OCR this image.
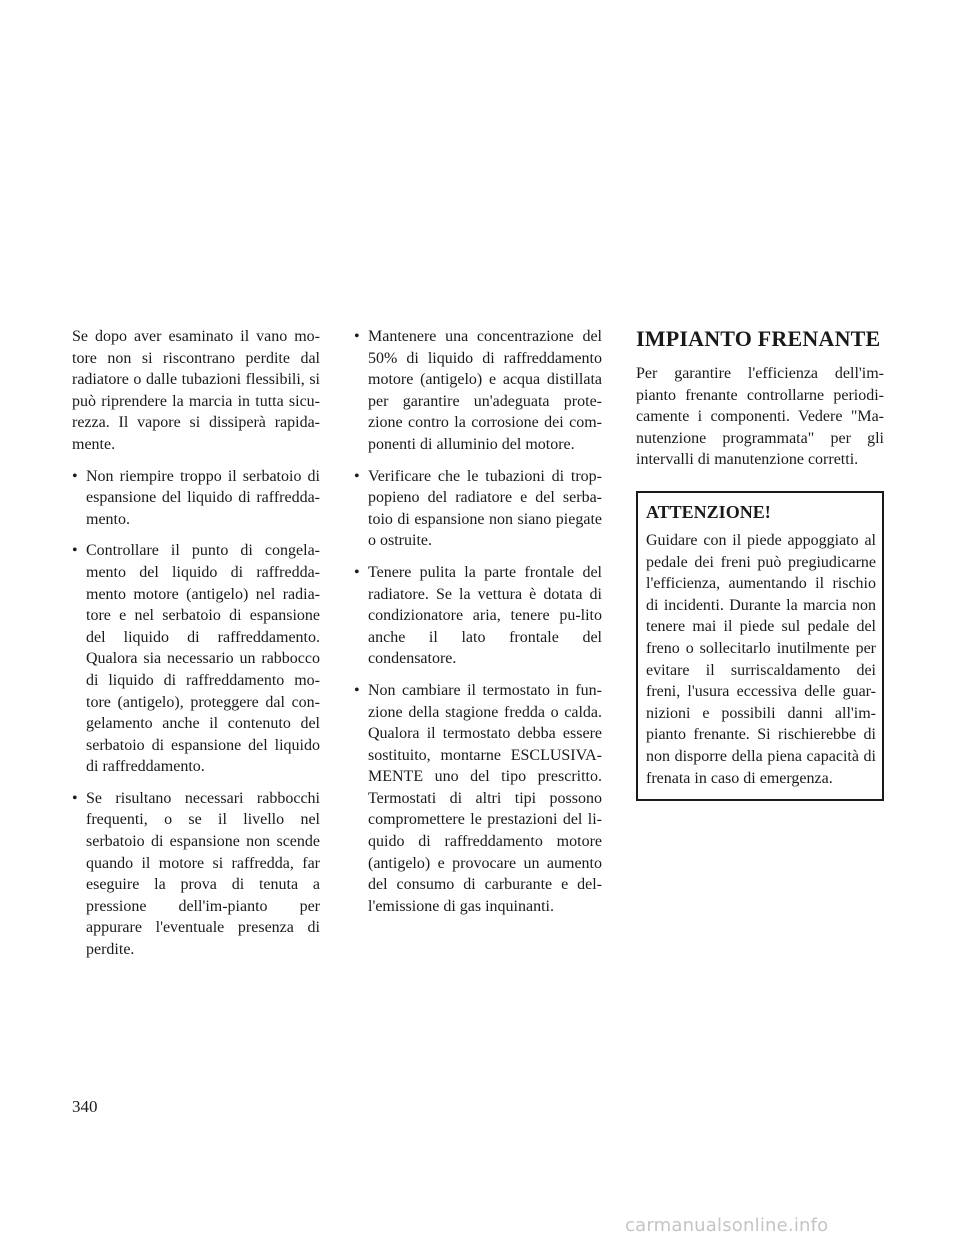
Se dopo aver esaminato il vano mo-tore non si riscontrano perdite dal radiatore o dalle tubazioni flessibili, si può riprendere la marcia in tutta sicu-rezza. Il vapore si dissiperà rapida-mente.

• Non riempire troppo il serbatoio di espansione del liquido di raffredda-mento.
• Controllare il punto di congela-mento del liquido di raffredda-mento motore (antigelo) nel radia-tore e nel serbatoio di espansione del liquido di raffreddamento. Qualora sia necessario un rabbocco di liquido di raffreddamento mo-tore (antigelo), proteggere dal con-gelamento anche il contenuto del serbatoio di espansione del liquido di raffreddamento.
• Se risultano necessari rabbocchi frequenti, o se il livello nel serbatoio di espansione non scende quando il motore si raffredda, far eseguire la prova di tenuta a pressione dell'im-pianto per appurare l'eventuale presenza di perdite.
• Mantenere una concentrazione del 50% di liquido di raffreddamento motore (antigelo) e acqua distillata per garantire un'adeguata prote-zione contro la corrosione dei com-ponenti di alluminio del motore.
• Verificare che le tubazioni di trop-popieno del radiatore e del serba-toio di espansione non siano piegate o ostruite.
• Tenere pulita la parte frontale del radiatore. Se la vettura è dotata di condizionatore aria, tenere pu-lito anche il lato frontale del condensatore.
• Non cambiare il termostato in fun-zione della stagione fredda o calda. Qualora il termostato debba essere sostituito, montarne ESCLUSIVA-MENTE uno del tipo prescritto. Termostati di altri tipi possono compromettere le prestazioni del li-quido di raffreddamento motore (antigelo) e provocare un aumento del consumo di carburante e del-l'emissione di gas inquinanti.
IMPIANTO FRENANTE

Per garantire l'efficienza dell'im-pianto frenante controllarne periodi-camente i componenti. Vedere "Ma-nutenzione programmata" per gli intervalli di manutenzione corretti.

ATTENZIONE!

Guidare con il piede appoggiato al pedale dei freni può pregiudicarne l'efficienza, aumentando il rischio di incidenti. Durante la marcia non tenere mai il piede sul pedale del freno o sollecitarlo inutilmente per evitare il surriscaldamento dei freni, l'usura eccessiva delle guar-nizioni e possibili danni all'im-pianto frenante. Si rischierebbe di non disporre della piena capacità di frenata in caso di emergenza.

340
carmanualsonline.info
